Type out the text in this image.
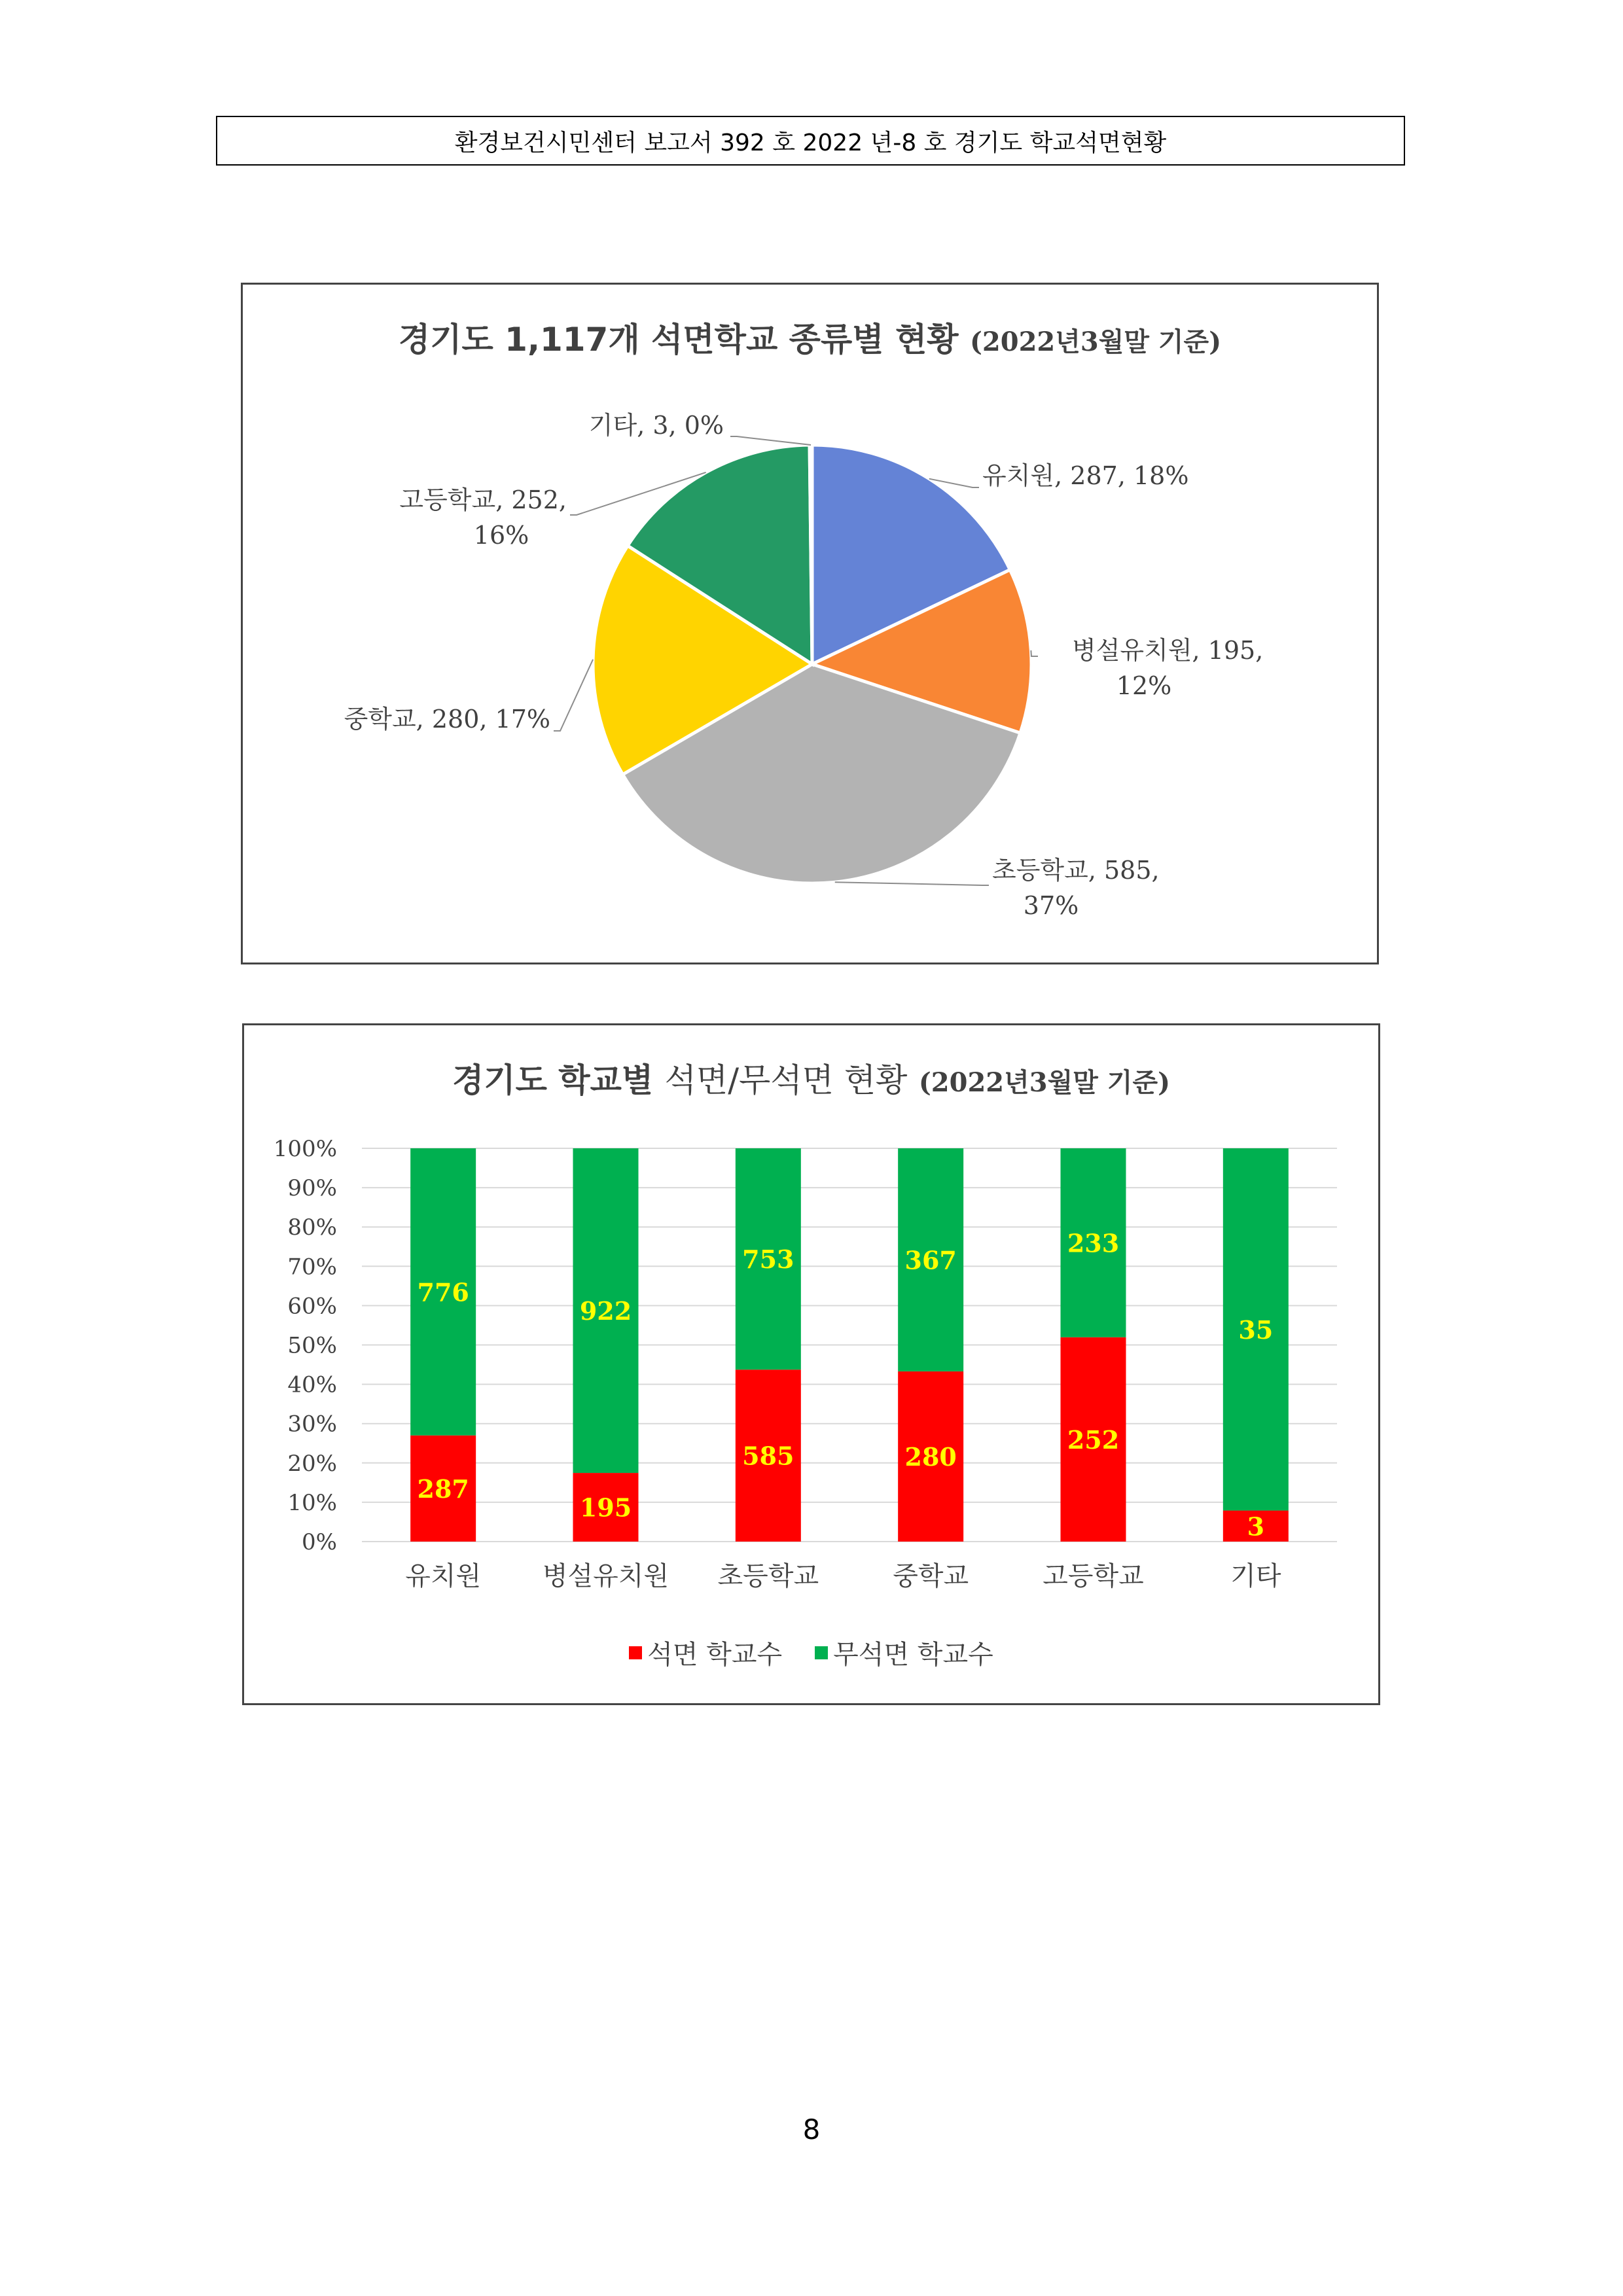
환경보건시민센터 보고서 392 호 2022 년-8 호 경기도 학교석면현황
경기도 1,117개 석면학교 종류별 현황 (2022년3월말 기준)
유치원, 287, 18%
병설유치원, 195,
12%
초등학교, 585,
37%
중학교, 280, 17%
고등학교, 252,
16%
기타, 3, 0%
경기도 학교별 석면/무석면 현황 (2022년3월말 기준)
0%
10%
20%
30%
40%
50%
60%
70%
80%
90%
100%
287
776
유치원
195
922
병설유치원
585
753
초등학교
280
367
중학교
252
233
고등학교
3
35
기타
석면 학교수 무석면 학교수
8
